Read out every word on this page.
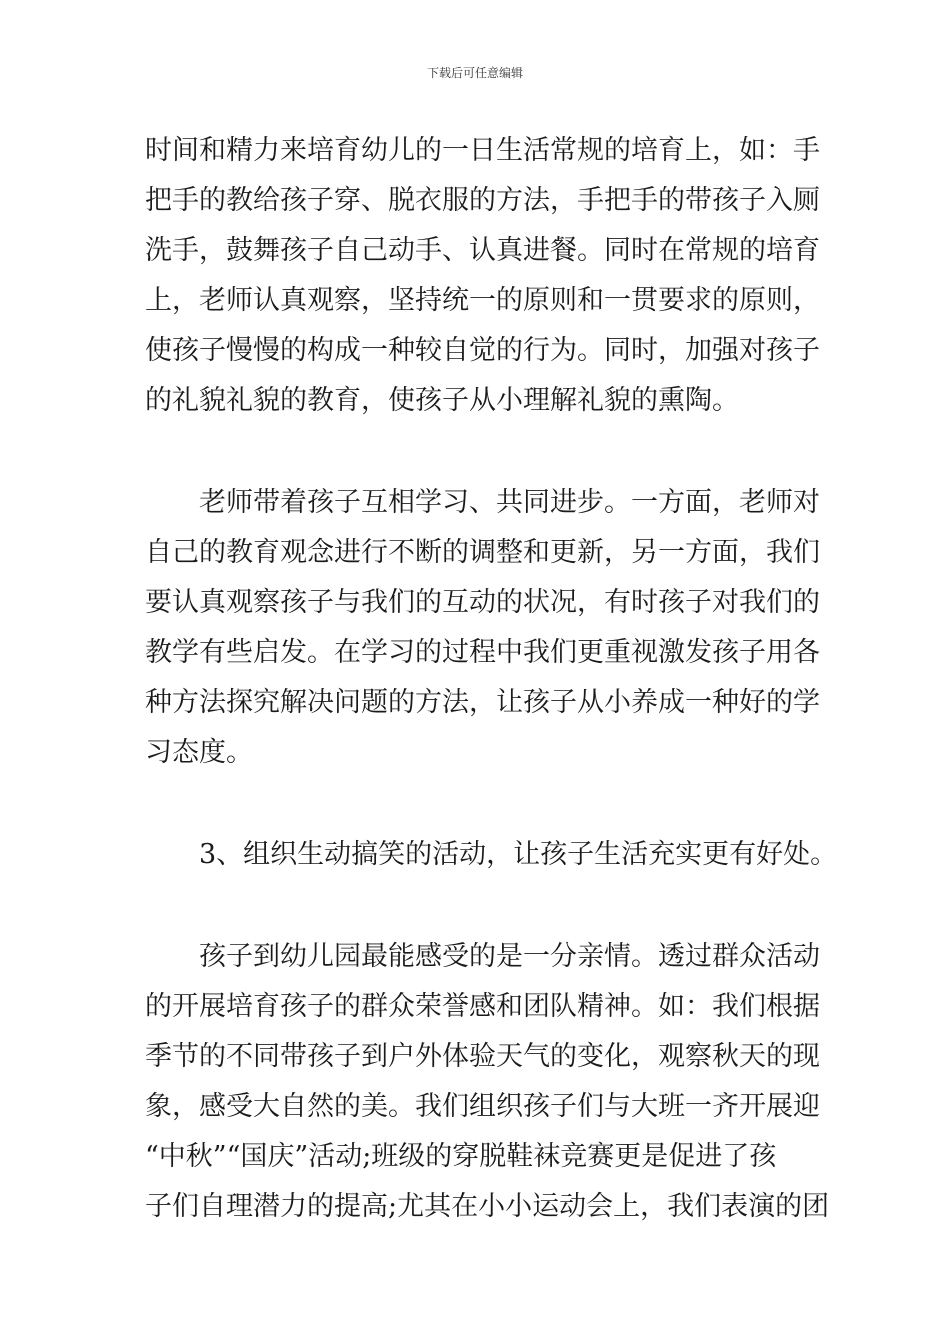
下载后可任意编辑
时间和精力来培育幼儿的一日生活常规的培育上，如：手
把手的教给孩子穿、脱衣服的方法，手把手的带孩子入厕
洗手，鼓舞孩子自己动手、认真进餐。同时在常规的培育
上，老师认真观察，坚持统一的原则和一贯要求的原则，
使孩子慢慢的构成一种较自觉的行为。同时，加强对孩子
的礼貌礼貌的教育，使孩子从小理解礼貌的熏陶。
　　老师带着孩子互相学习、共同进步。一方面，老师对
自己的教育观念进行不断的调整和更新，另一方面，我们
要认真观察孩子与我们的互动的状况，有时孩子对我们的
教学有些启发。在学习的过程中我们更重视激发孩子用各
种方法探究解决问题的方法，让孩子从小养成一种好的学
习态度。
　　3、组织生动搞笑的活动，让孩子生活充实更有好处。
　　孩子到幼儿园最能感受的是一分亲情。透过群众活动
的开展培育孩子的群众荣誉感和团队精神。如：我们根据
季节的不同带孩子到户外体验天气的变化，观察秋天的现
象，感受大自然的美。我们组织孩子们与大班一齐开展迎
“中秋”“国庆”活动;班级的穿脱鞋袜竞赛更是促进了孩
子们自理潜力的提高;尤其在小小运动会上，我们表演的团
